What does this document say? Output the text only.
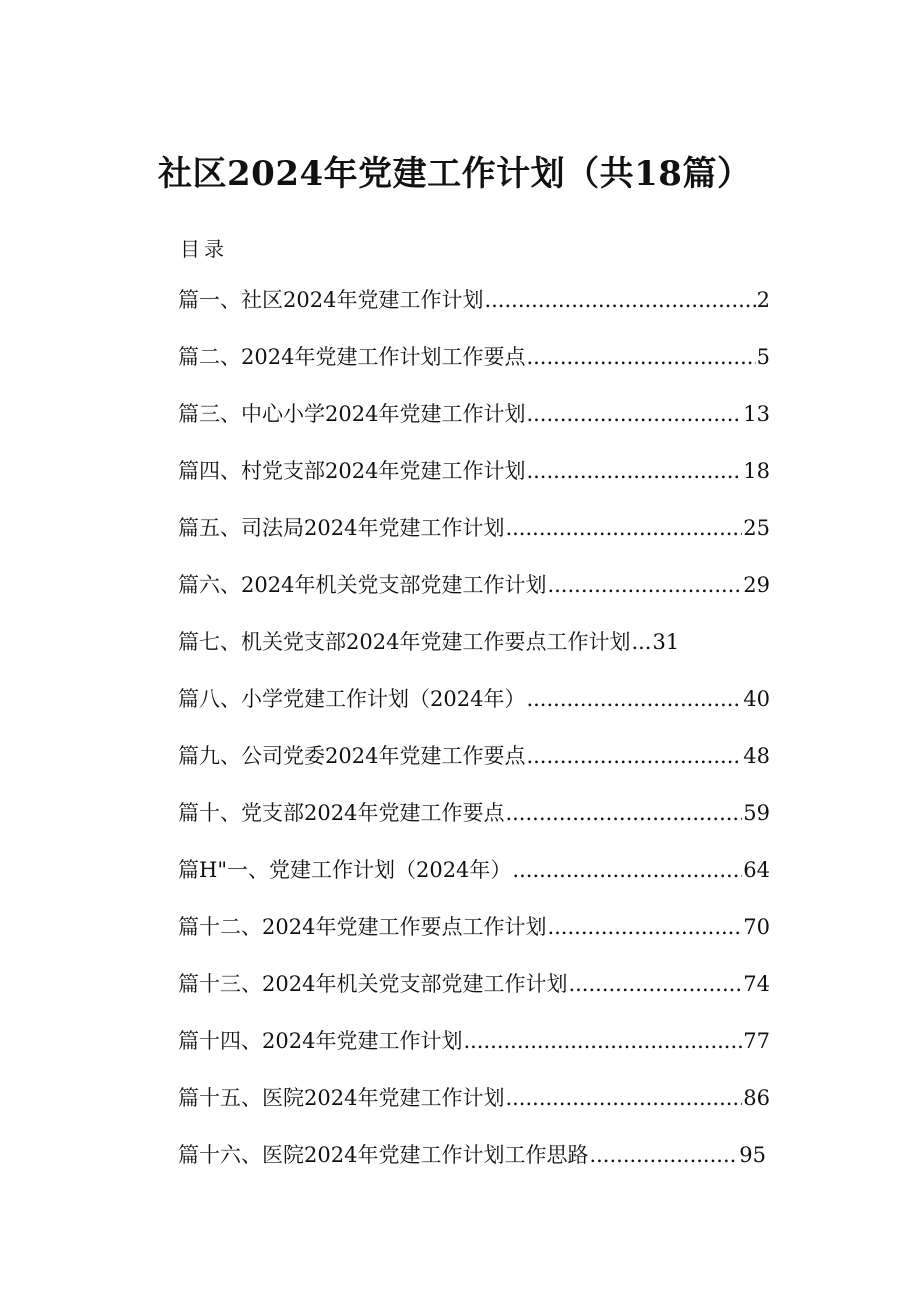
社区2024年党建工作计划（共18篇）
目录
篇一、社区2024年党建工作计划 .....	2
篇二、2024年党建工作计划工作要点 .....	5
篇三、中心小学2024年党建工作计划 .....	13
篇四、村党支部2024年党建工作计划 .....	18
篇五、司法局2024年党建工作计划 .....	25
篇六、2024年机关党支部党建工作计划 .....	29
篇七、机关党支部2024年党建工作要点工作计划 ... 31
篇八、小学党建工作计划（2024年） .....	40
篇九、公司党委2024年党建工作要点 .....	48
篇十、党支部2024年党建工作要点 .....	59
篇H"一、党建工作计划（2024年） .....	64
篇十二、2024年党建工作要点工作计划 .....	70
篇十三、2024年机关党支部党建工作计划 .....	74
篇十四、2024年党建工作计划 .....	77
篇十五、医院2024年党建工作计划 .....	86
篇十六、医院2024年党建工作计划工作思路 .....	95
